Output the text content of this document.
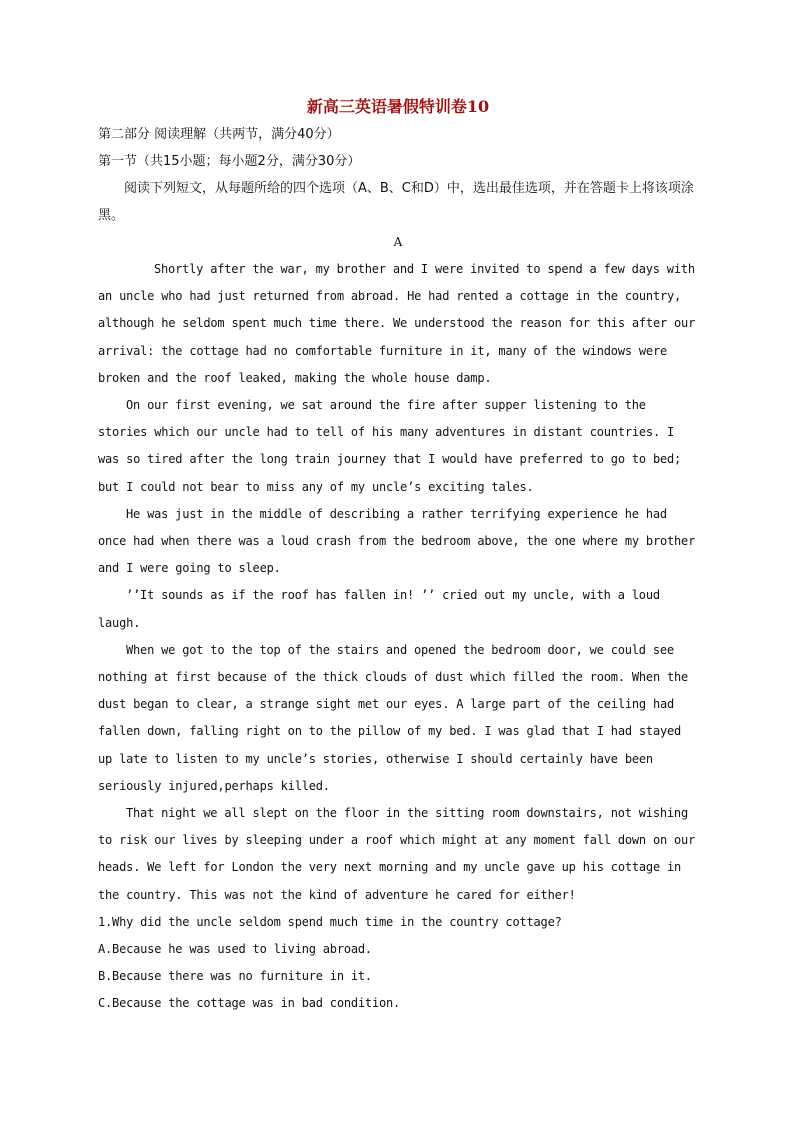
新高三英语暑假特训卷10

第二部分 阅读理解（共两节，满分40分）

第一节（共15小题；每小题2分，满分30分）

阅读下列短文，从每题所给的四个选项（A、B、C和D）中，选出最佳选项，并在答题卡上将该项涂黑。

A

Shortly after the war, my brother and I were invited to spend a few days with an uncle who had just returned from abroad. He had rented a cottage in the country, although he seldom spent much time there. We understood the reason for this after our arrival: the cottage had no comfortable furniture in it, many of the windows were broken and the roof leaked, making the whole house damp.

On our first evening, we sat around the fire after supper listening to the stories which our uncle had to tell of his many adventures in distant countries. I was so tired after the long train journey that I would have preferred to go to bed; but I could not bear to miss any of my uncle’s exciting tales.

He was just in the middle of describing a rather terrifying experience he had once had when there was a loud crash from the bedroom above, the one where my brother and I were going to sleep.

’’It sounds as if the roof has fallen in! ’’ cried out my uncle, with a loud laugh.

When we got to the top of the stairs and opened the bedroom door, we could see nothing at first because of the thick clouds of dust which filled the room. When the dust began to clear, a strange sight met our eyes. A large part of the ceiling had fallen down, falling right on to the pillow of my bed. I was glad that I had stayed up late to listen to my uncle’s stories, otherwise I should certainly have been seriously injured,perhaps killed.

That night we all slept on the floor in the sitting room downstairs, not wishing to risk our lives by sleeping under a roof which might at any moment fall down on our heads. We left for London the very next morning and my uncle gave up his cottage in the country. This was not the kind of adventure he cared for either!

1.Why did the uncle seldom spend much time in the country cottage?

A.Because he was used to living abroad.

B.Because there was no furniture in it.

C.Because the cottage was in bad condition.
